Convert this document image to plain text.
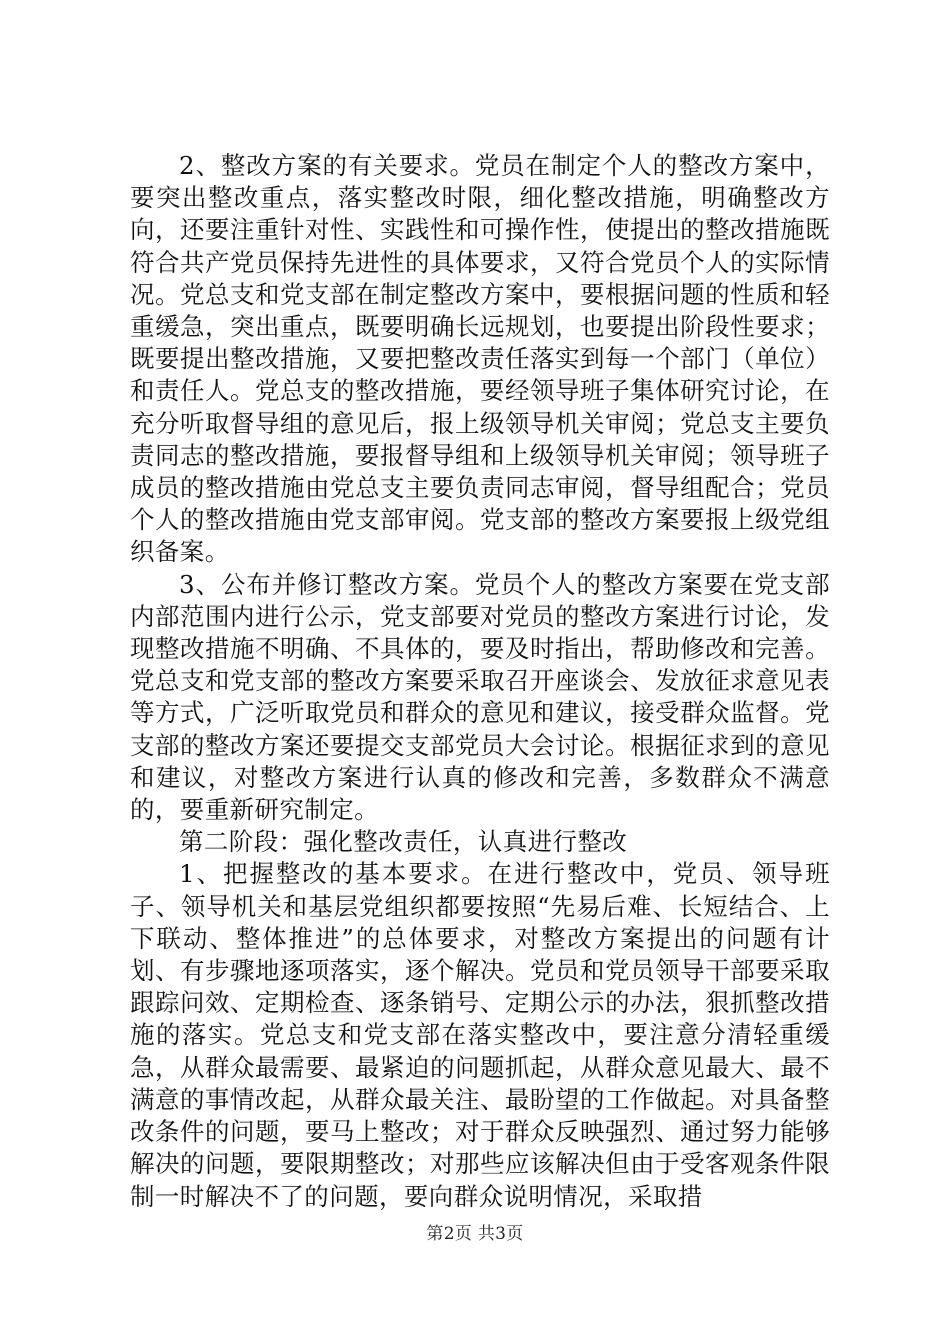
2、整改方案的有关要求。党员在制定个人的整改方案中，要突出整改重点，落实整改时限，细化整改措施，明确整改方向，还要注重针对性、实践性和可操作性，使提出的整改措施既符合共产党员保持先进性的具体要求，又符合党员个人的实际情况。党总支和党支部在制定整改方案中，要根据问题的性质和轻重缓急，突出重点，既要明确长远规划，也要提出阶段性要求；既要提出整改措施，又要把整改责任落实到每一个部门（单位）和责任人。党总支的整改措施，要经领导班子集体研究讨论，在充分听取督导组的意见后，报上级领导机关审阅；党总支主要负责同志的整改措施，要报督导组和上级领导机关审阅；领导班子成员的整改措施由党总支主要负责同志审阅，督导组配合；党员个人的整改措施由党支部审阅。党支部的整改方案要报上级党组织备案。

3、公布并修订整改方案。党员个人的整改方案要在党支部内部范围内进行公示，党支部要对党员的整改方案进行讨论，发现整改措施不明确、不具体的，要及时指出，帮助修改和完善。党总支和党支部的整改方案要采取召开座谈会、发放征求意见表等方式，广泛听取党员和群众的意见和建议，接受群众监督。党支部的整改方案还要提交支部党员大会讨论。根据征求到的意见和建议，对整改方案进行认真的修改和完善，多数群众不满意的，要重新研究制定。

第二阶段：强化整改责任，认真进行整改

1、把握整改的基本要求。在进行整改中，党员、领导班子、领导机关和基层党组织都要按照“先易后难、长短结合、上下联动、整体推进”的总体要求，对整改方案提出的问题有计划、有步骤地逐项落实，逐个解决。党员和党员领导干部要采取跟踪问效、定期检查、逐条销号、定期公示的办法，狠抓整改措施的落实。党总支和党支部在落实整改中，要注意分清轻重缓急，从群众最需要、最紧迫的问题抓起，从群众意见最大、最不满意的事情改起，从群众最关注、最盼望的工作做起。对具备整改条件的问题，要马上整改；对于群众反映强烈、通过努力能够解决的问题，要限期整改；对那些应该解决但由于受客观条件限制一时解决不了的问题，要向群众说明情况，采取措

第2页 共3页
